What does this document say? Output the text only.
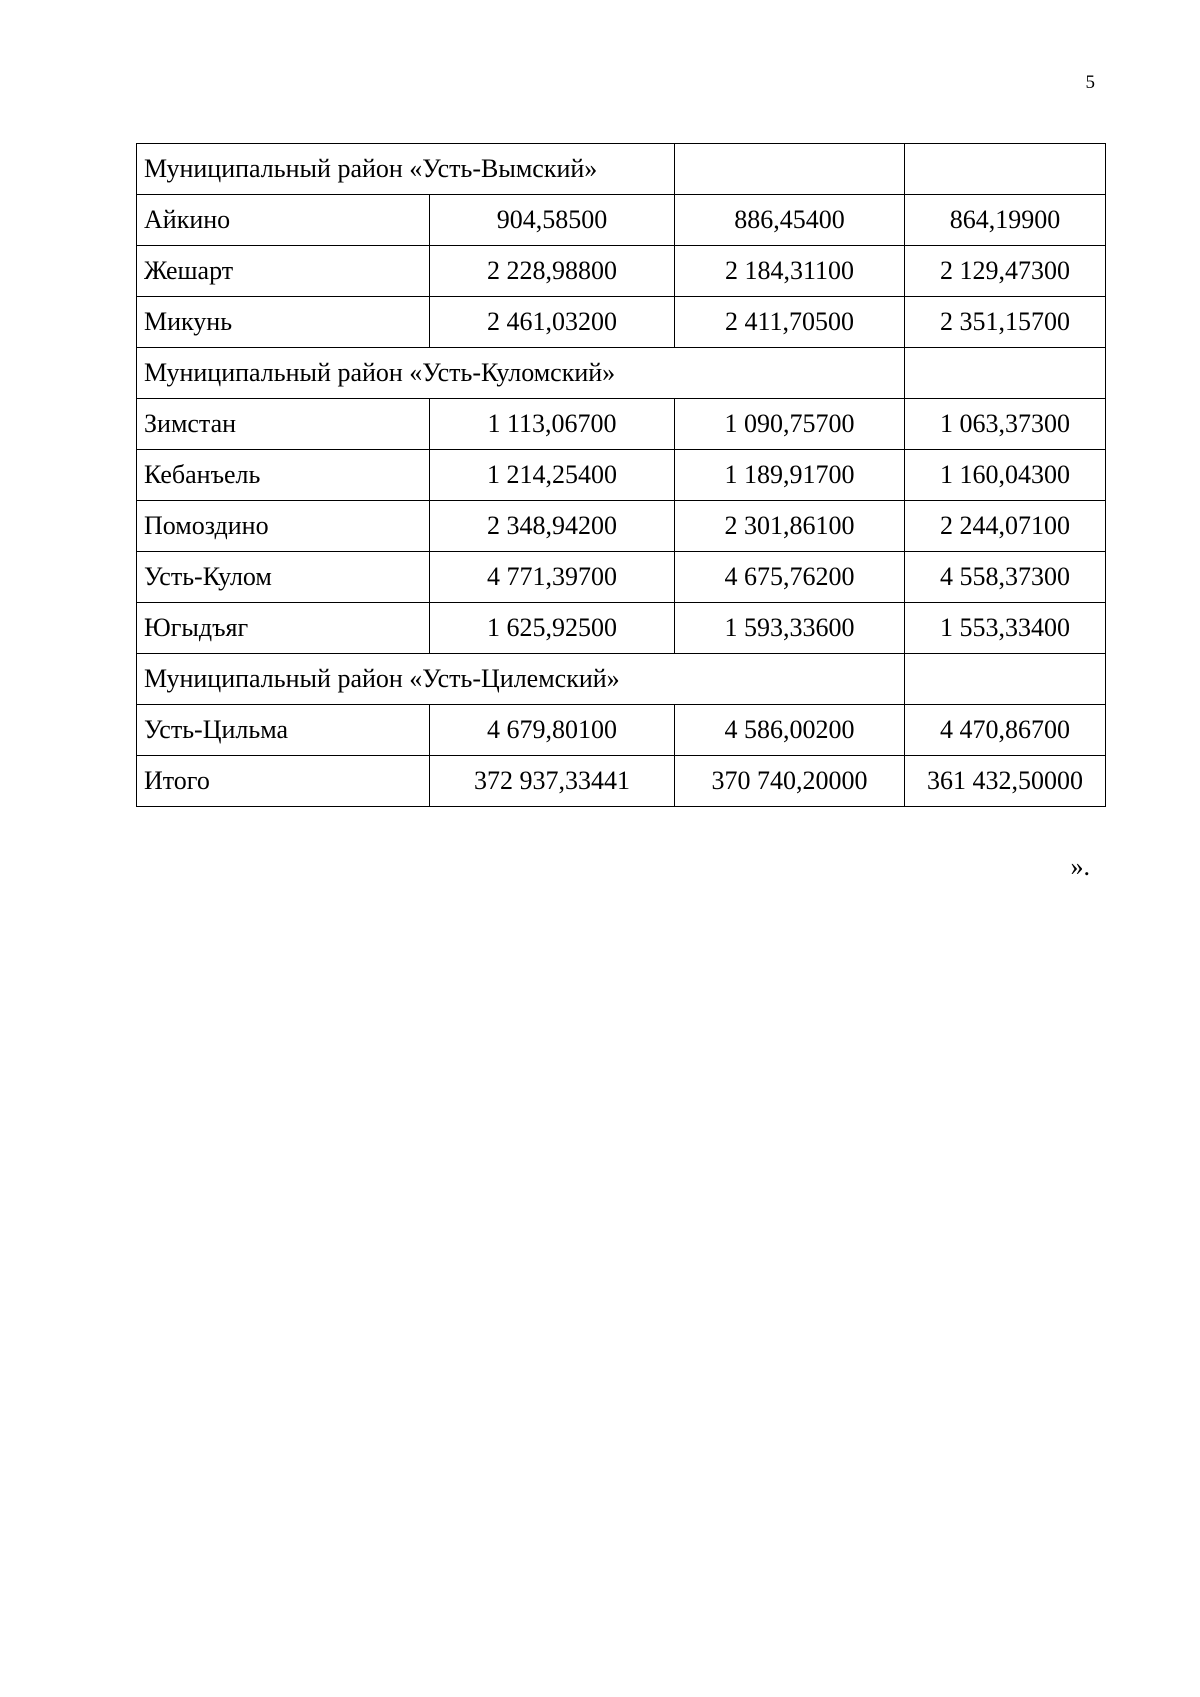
5
Муниципальный район «Усть-Вымский»			
Айкино	904,58500	886,45400	864,19900
Жешарт	2 228,98800	2 184,31100	2 129,47300
Микунь	2 461,03200	2 411,70500	2 351,15700
Муниципальный район «Усть-Куломский»			
Зимстан	1 113,06700	1 090,75700	1 063,37300
Кебанъель	1 214,25400	1 189,91700	1 160,04300
Помоздино	2 348,94200	2 301,86100	2 244,07100
Усть-Кулом	4 771,39700	4 675,76200	4 558,37300
Югыдъяг	1 625,92500	1 593,33600	1 553,33400
Муниципальный район «Усть-Цилемский»			
Усть-Цильма	4 679,80100	4 586,00200	4 470,86700
Итого	372 937,33441	370 740,20000	361 432,50000
».
